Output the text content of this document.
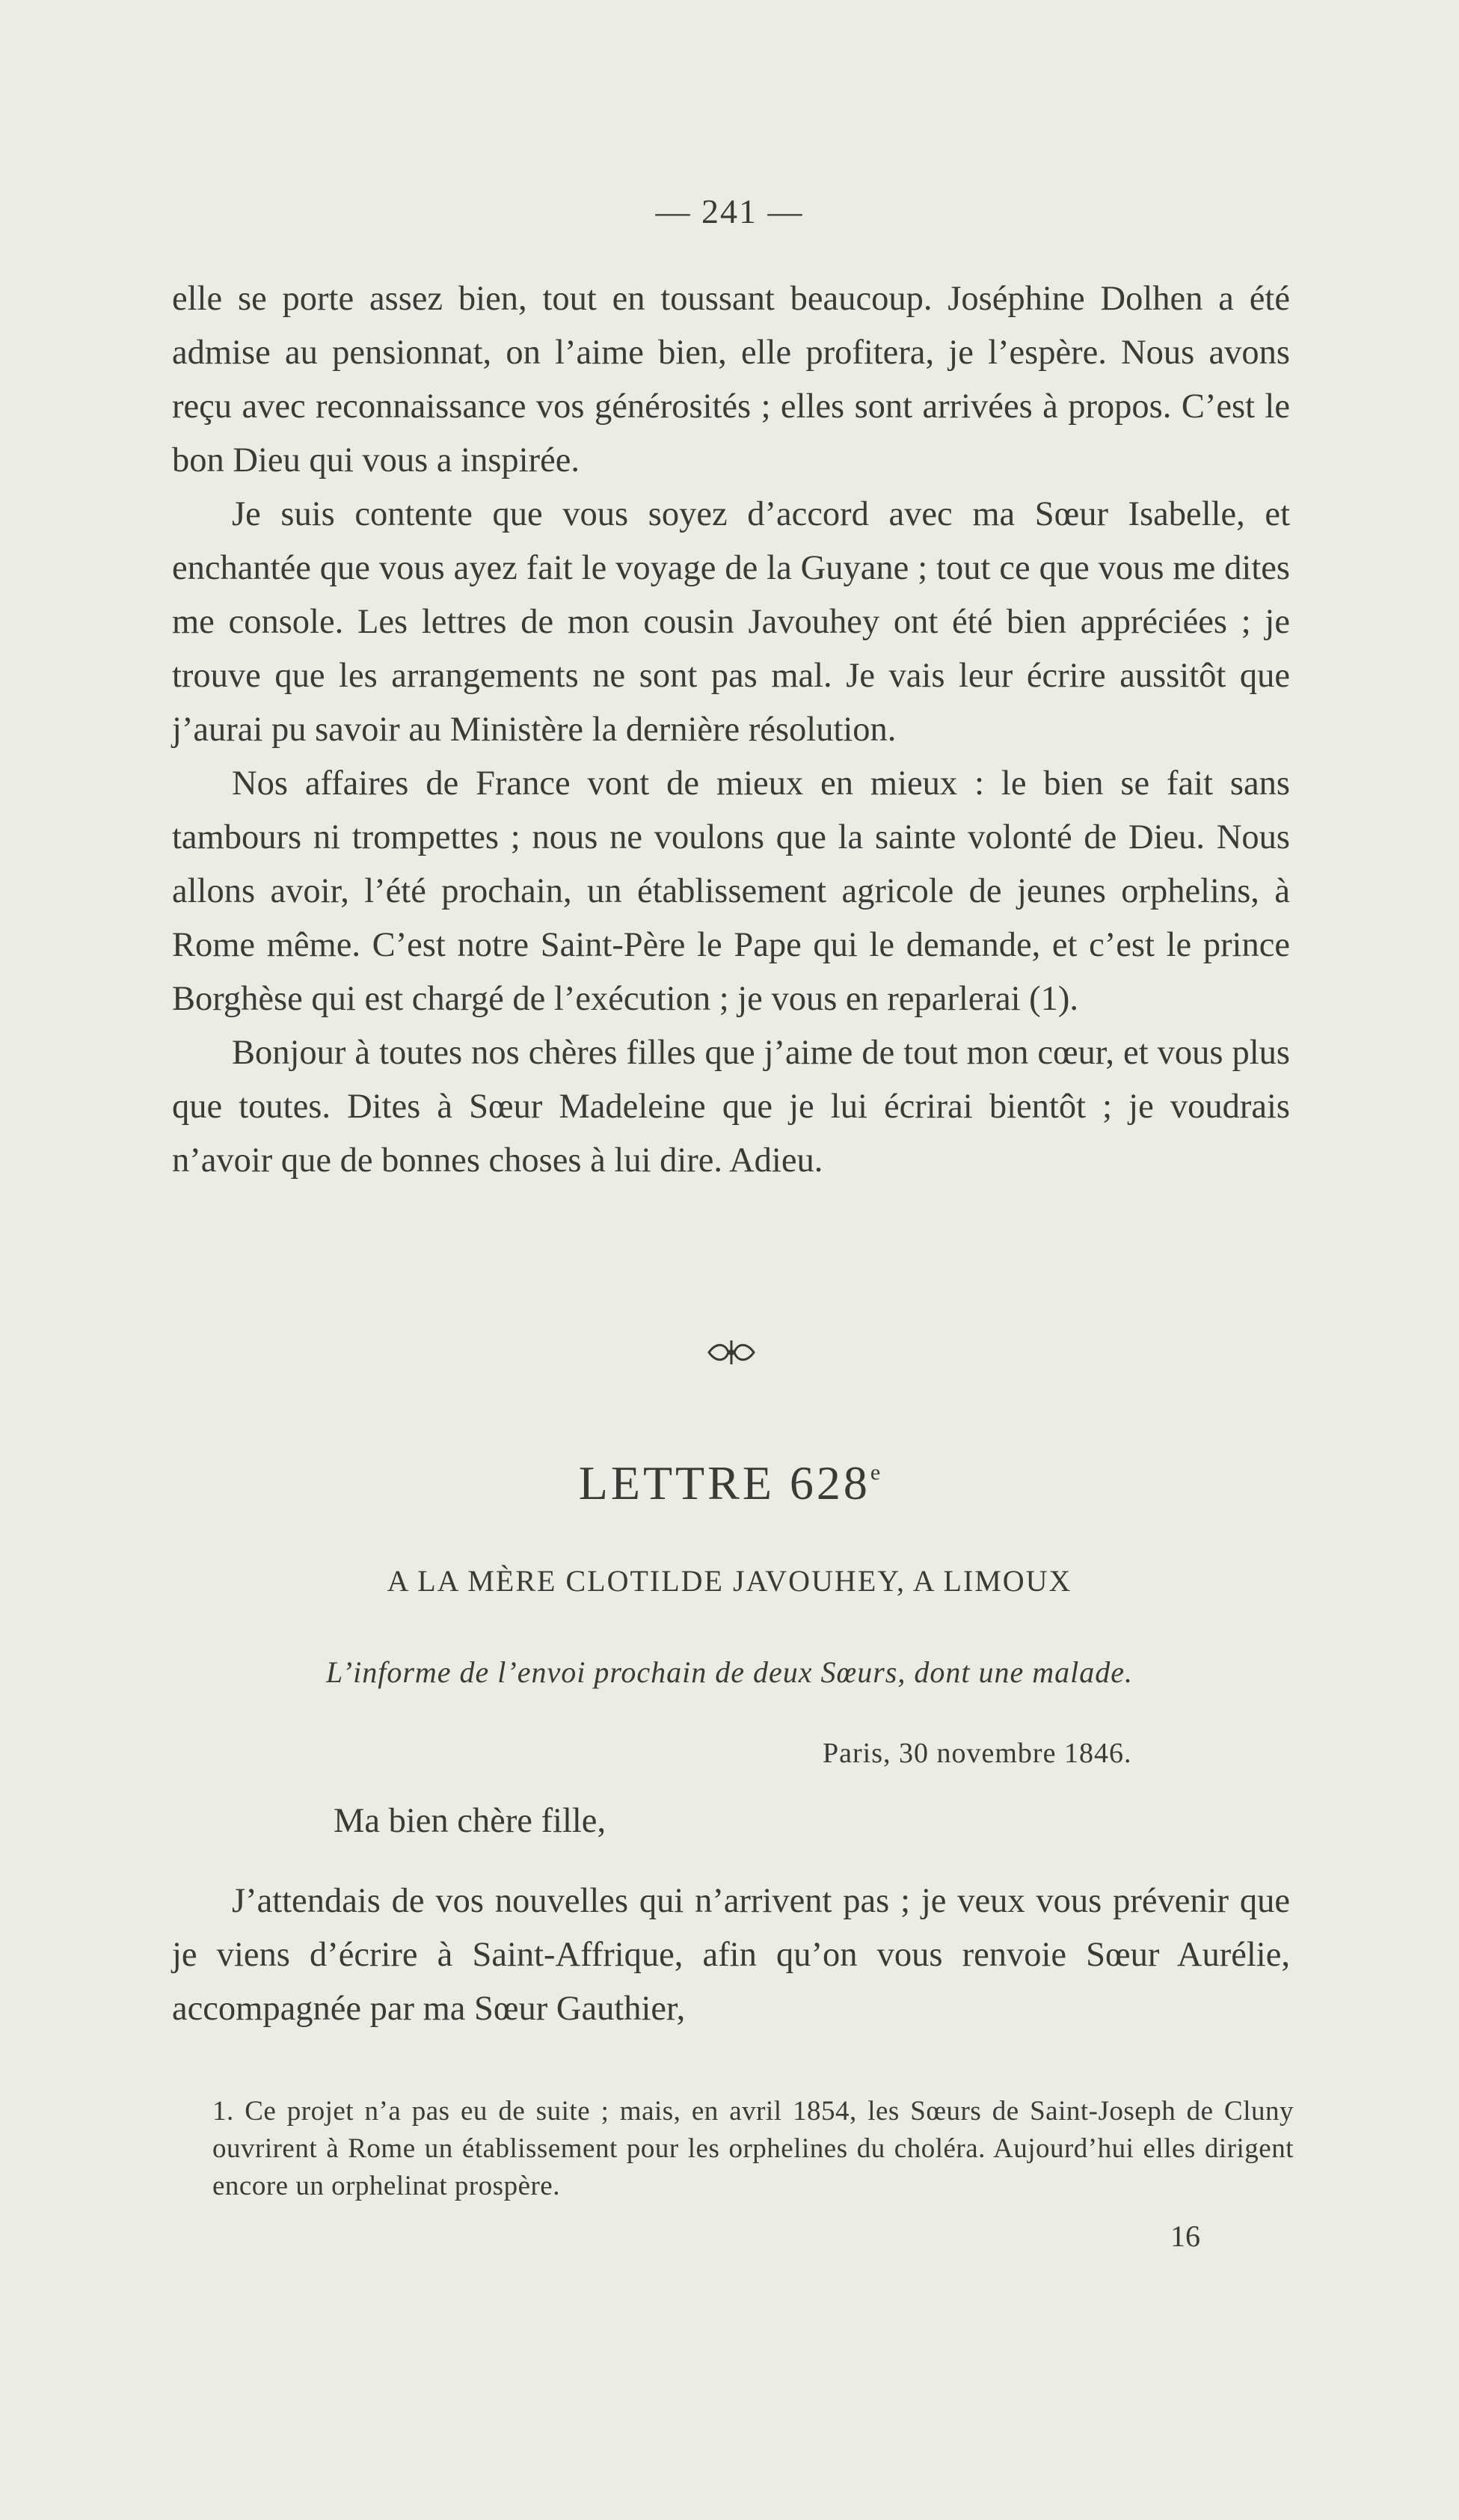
— 241 —

elle se porte assez bien, tout en toussant beaucoup. Joséphine Dolhen a été admise au pensionnat, on l’aime bien, elle profitera, je l’espère. Nous avons reçu avec reconnaissance vos générosités ; elles sont arrivées à propos. C’est le bon Dieu qui vous a inspirée.

Je suis contente que vous soyez d’accord avec ma Sœur Isabelle, et enchantée que vous ayez fait le voyage de la Guyane ; tout ce que vous me dites me console. Les lettres de mon cousin Javouhey ont été bien appréciées ; je trouve que les arrangements ne sont pas mal. Je vais leur écrire aussitôt que j’aurai pu savoir au Ministère la dernière résolution.

Nos affaires de France vont de mieux en mieux : le bien se fait sans tambours ni trompettes ; nous ne voulons que la sainte volonté de Dieu. Nous allons avoir, l’été prochain, un établissement agricole de jeunes orphelins, à Rome même. C’est notre Saint-Père le Pape qui le demande, et c’est le prince Borghèse qui est chargé de l’exécution ; je vous en reparlerai (1).

Bonjour à toutes nos chères filles que j’aime de tout mon cœur, et vous plus que toutes. Dites à Sœur Madeleine que je lui écrirai bientôt ; je voudrais n’avoir que de bonnes choses à lui dire. Adieu.

LETTRE 628e
A LA MÈRE CLOTILDE JAVOUHEY, A LIMOUX
L’informe de l’envoi prochain de deux Sœurs, dont une malade.
Paris, 30 novembre 1846.
Ma bien chère fille,

J’attendais de vos nouvelles qui n’arrivent pas ; je veux vous prévenir que je viens d’écrire à Saint-Affrique, afin qu’on vous renvoie Sœur Aurélie, accompagnée par ma Sœur Gauthier,

1. Ce projet n’a pas eu de suite ; mais, en avril 1854, les Sœurs de Saint-Joseph de Cluny ouvrirent à Rome un établissement pour les orphelines du choléra. Aujourd’hui elles dirigent encore un orphelinat prospère.
16
